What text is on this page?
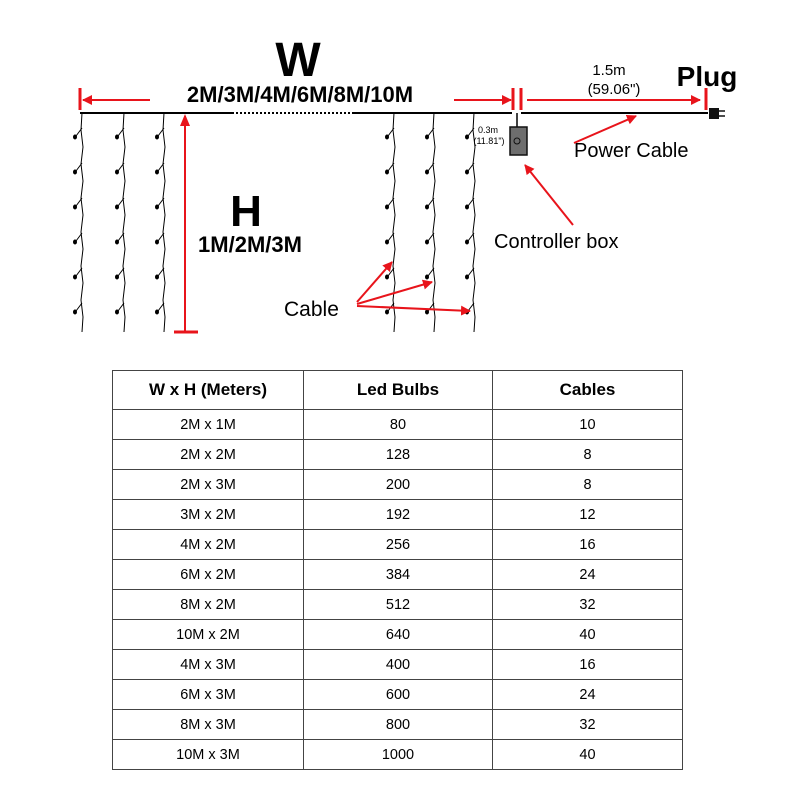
W
2M/3M/4M/6M/8M/10M
H
1M/2M/3M
0.3m
(11.81")
1.5m
(59.06") Plug
Power Cable
Controller box
Cable
W x H (Meters)	Led Bulbs	Cables
2M x 1M	80	10
2M x 2M	128	8
2M x 3M	200	8
3M x 2M	192	12
4M x 2M	256	16
6M x 2M	384	24
8M x 2M	512	32
10M x 2M	640	40
4M x 3M	400	16
6M x 3M	600	24
8M x 3M	800	32
10M x 3M	1000	40
